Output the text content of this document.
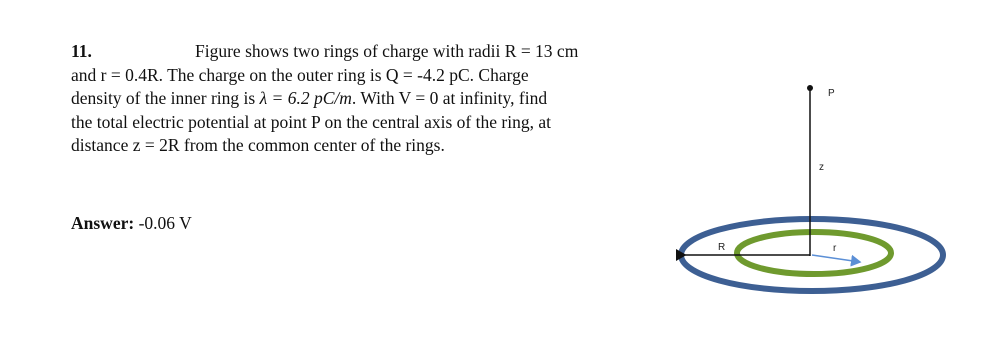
11.	Figure shows two rings of charge with radii R = 13 cm
and r = 0.4R. The charge on the outer ring is Q = -4.2 pC. Charge
density of the inner ring is λ = 6.2 pC/m. With V = 0 at infinity, find
the total electric potential at point P on the central axis of the ring, at
distance z = 2R from the common center of the rings.
Answer: -0.06 V
P
z
R	r
